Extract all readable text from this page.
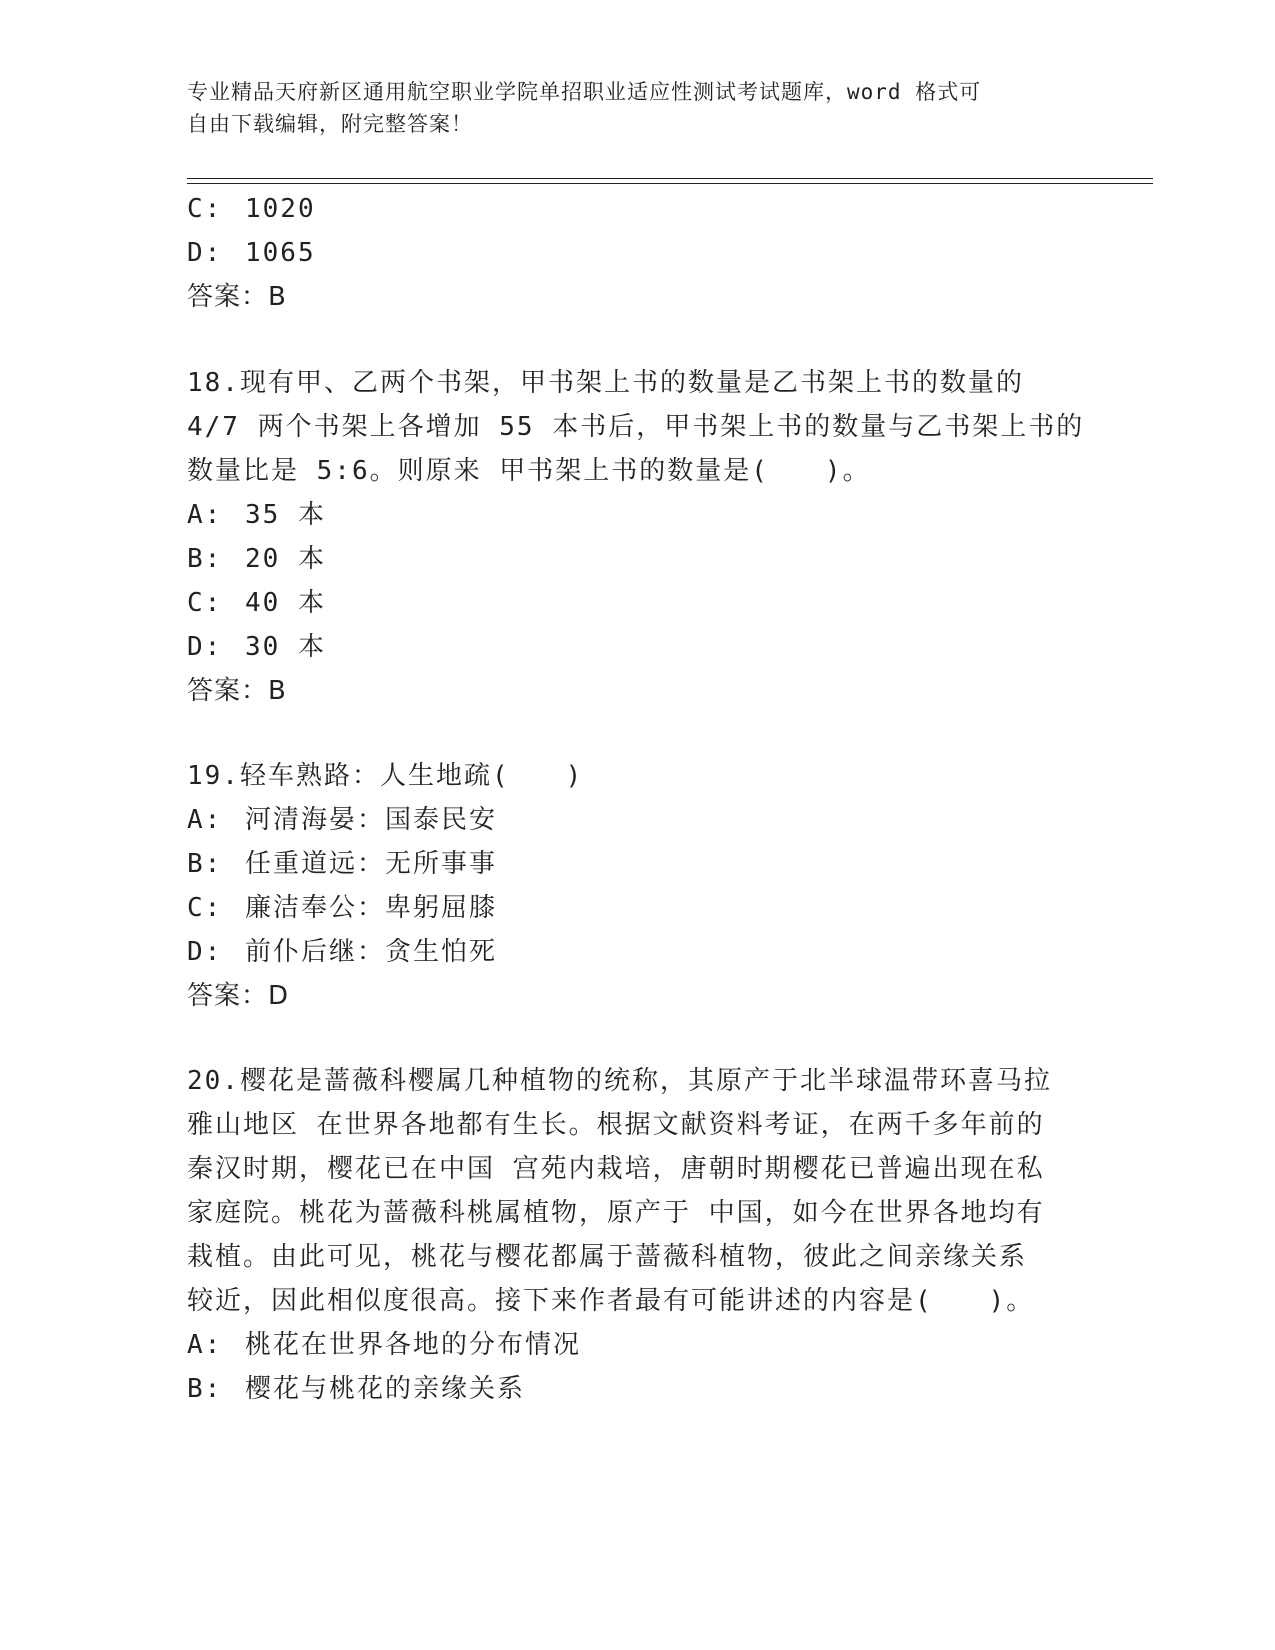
专业精品天府新区通用航空职业学院单招职业适应性测试考试题库，word 格式可
自由下载编辑，附完整答案！
C: 1020
D: 1065
答案：B
18.现有甲、乙两个书架，甲书架上书的数量是乙书架上书的数量的
4/7 两个书架上各增加 55 本书后，甲书架上书的数量与乙书架上书的
数量比是 5:6。则原来 甲书架上书的数量是(　　)。
A: 35 本
B: 20 本
C: 40 本
D: 30 本
答案：B
19.轻车熟路：人生地疏(　　)
A: 河清海晏：国泰民安
B: 任重道远：无所事事
C: 廉洁奉公：卑躬屈膝
D: 前仆后继：贪生怕死
答案：D
20.樱花是蔷薇科樱属几种植物的统称，其原产于北半球温带环喜马拉
雅山地区 在世界各地都有生长。根据文献资料考证，在两千多年前的
秦汉时期，樱花已在中国 宫苑内栽培，唐朝时期樱花已普遍出现在私
家庭院。桃花为蔷薇科桃属植物，原产于 中国，如今在世界各地均有
栽植。由此可见，桃花与樱花都属于蔷薇科植物，彼此之间亲缘关系
较近，因此相似度很高。接下来作者最有可能讲述的内容是(　　)。
A: 桃花在世界各地的分布情况
B: 樱花与桃花的亲缘关系
